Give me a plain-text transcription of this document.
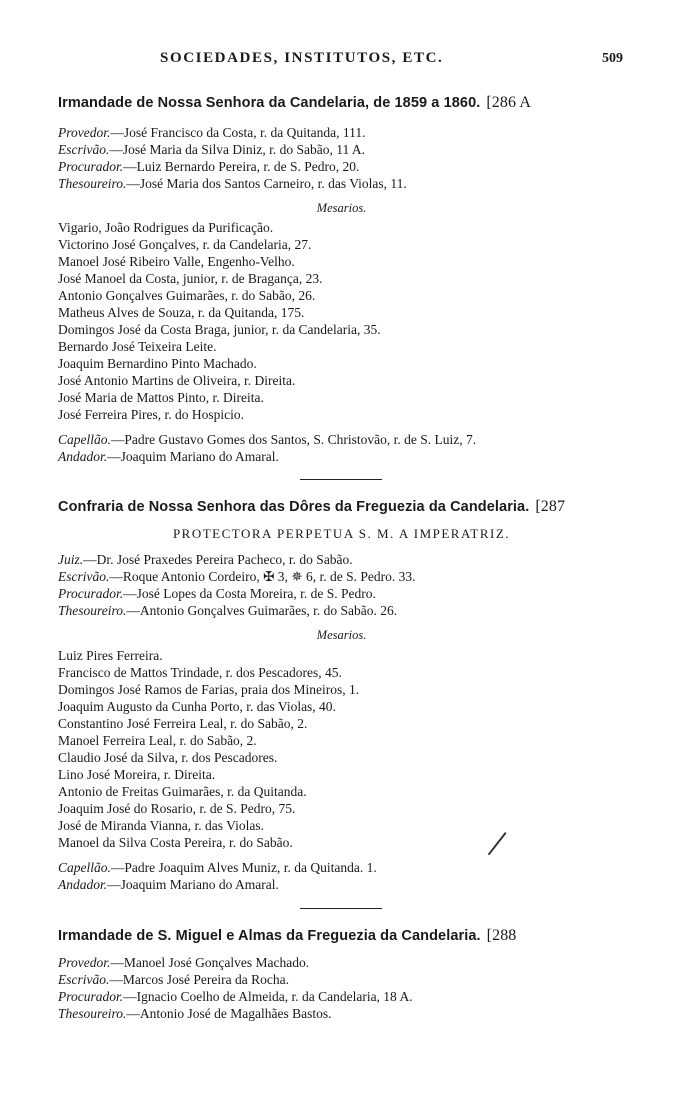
SOCIEDADES, INSTITUTOS, ETC.	509
Irmandade de Nossa Senhora da Candelaria, de 1859 a 1860. [286 A
Provedor.—José Francisco da Costa, r. da Quitanda, 111.
Escrivão.—José Maria da Silva Diniz, r. do Sabão, 11 A.
Procurador.—Luiz Bernardo Pereira, r. de S. Pedro, 20.
Thesoureiro.—José Maria dos Santos Carneiro, r. das Violas, 11.
Mesarios.
Vigario, João Rodrigues da Purificação.
Victorino José Gonçalves, r. da Candelaria, 27.
Manoel José Ribeiro Valle, Engenho-Velho.
José Manoel da Costa, junior, r. de Bragança, 23.
Antonio Gonçalves Guimarães, r. do Sabão, 26.
Matheus Alves de Souza, r. da Quitanda, 175.
Domingos José da Costa Braga, junior, r. da Candelaria, 35.
Bernardo José Teixeira Leite.
Joaquim Bernardino Pinto Machado.
José Antonio Martins de Oliveira, r. Direita.
José Maria de Mattos Pinto, r. Direita.
José Ferreira Pires, r. do Hospicio.
Capellão.—Padre Gustavo Gomes dos Santos, S. Christovão, r. de S. Luiz, 7.
Andador.—Joaquim Mariano do Amaral.
Confraria de Nossa Senhora das Dôres da Freguezia da Candelaria. [287
PROTECTORA PERPETUA S. M. A IMPERATRIZ.
Juiz.—Dr. José Praxedes Pereira Pacheco, r. do Sabão.
Escrivão.—Roque Antonio Cordeiro, ✠ 3, ✵ 6, r. de S. Pedro. 33.
Procurador.—José Lopes da Costa Moreira, r. de S. Pedro.
Thesoureiro.—Antonio Gonçalves Guimarães, r. do Sabão. 26.
Mesarios.
Luiz Pires Ferreira.
Francisco de Mattos Trindade, r. dos Pescadores, 45.
Domingos José Ramos de Farias, praia dos Mineiros, 1.
Joaquim Augusto da Cunha Porto, r. das Violas, 40.
Constantino José Ferreira Leal, r. do Sabão, 2.
Manoel Ferreira Leal, r. do Sabão, 2.
Claudio José da Silva, r. dos Pescadores.
Lino José Moreira, r. Direita.
Antonio de Freitas Guimarães, r. da Quitanda.
Joaquim José do Rosario, r. de S. Pedro, 75.
José de Miranda Vianna, r. das Violas.
Manoel da Silva Costa Pereira, r. do Sabão.
Capellão.—Padre Joaquim Alves Muniz, r. da Quitanda. 1.
Andador.—Joaquim Mariano do Amaral.
Irmandade de S. Miguel e Almas da Freguezia da Candelaria. [288
Provedor.—Manoel José Gonçalves Machado.
Escrivão.—Marcos José Pereira da Rocha.
Procurador.—Ignacio Coelho de Almeida, r. da Candelaria, 18 A.
Thesoureiro.—Antonio José de Magalhães Bastos.
